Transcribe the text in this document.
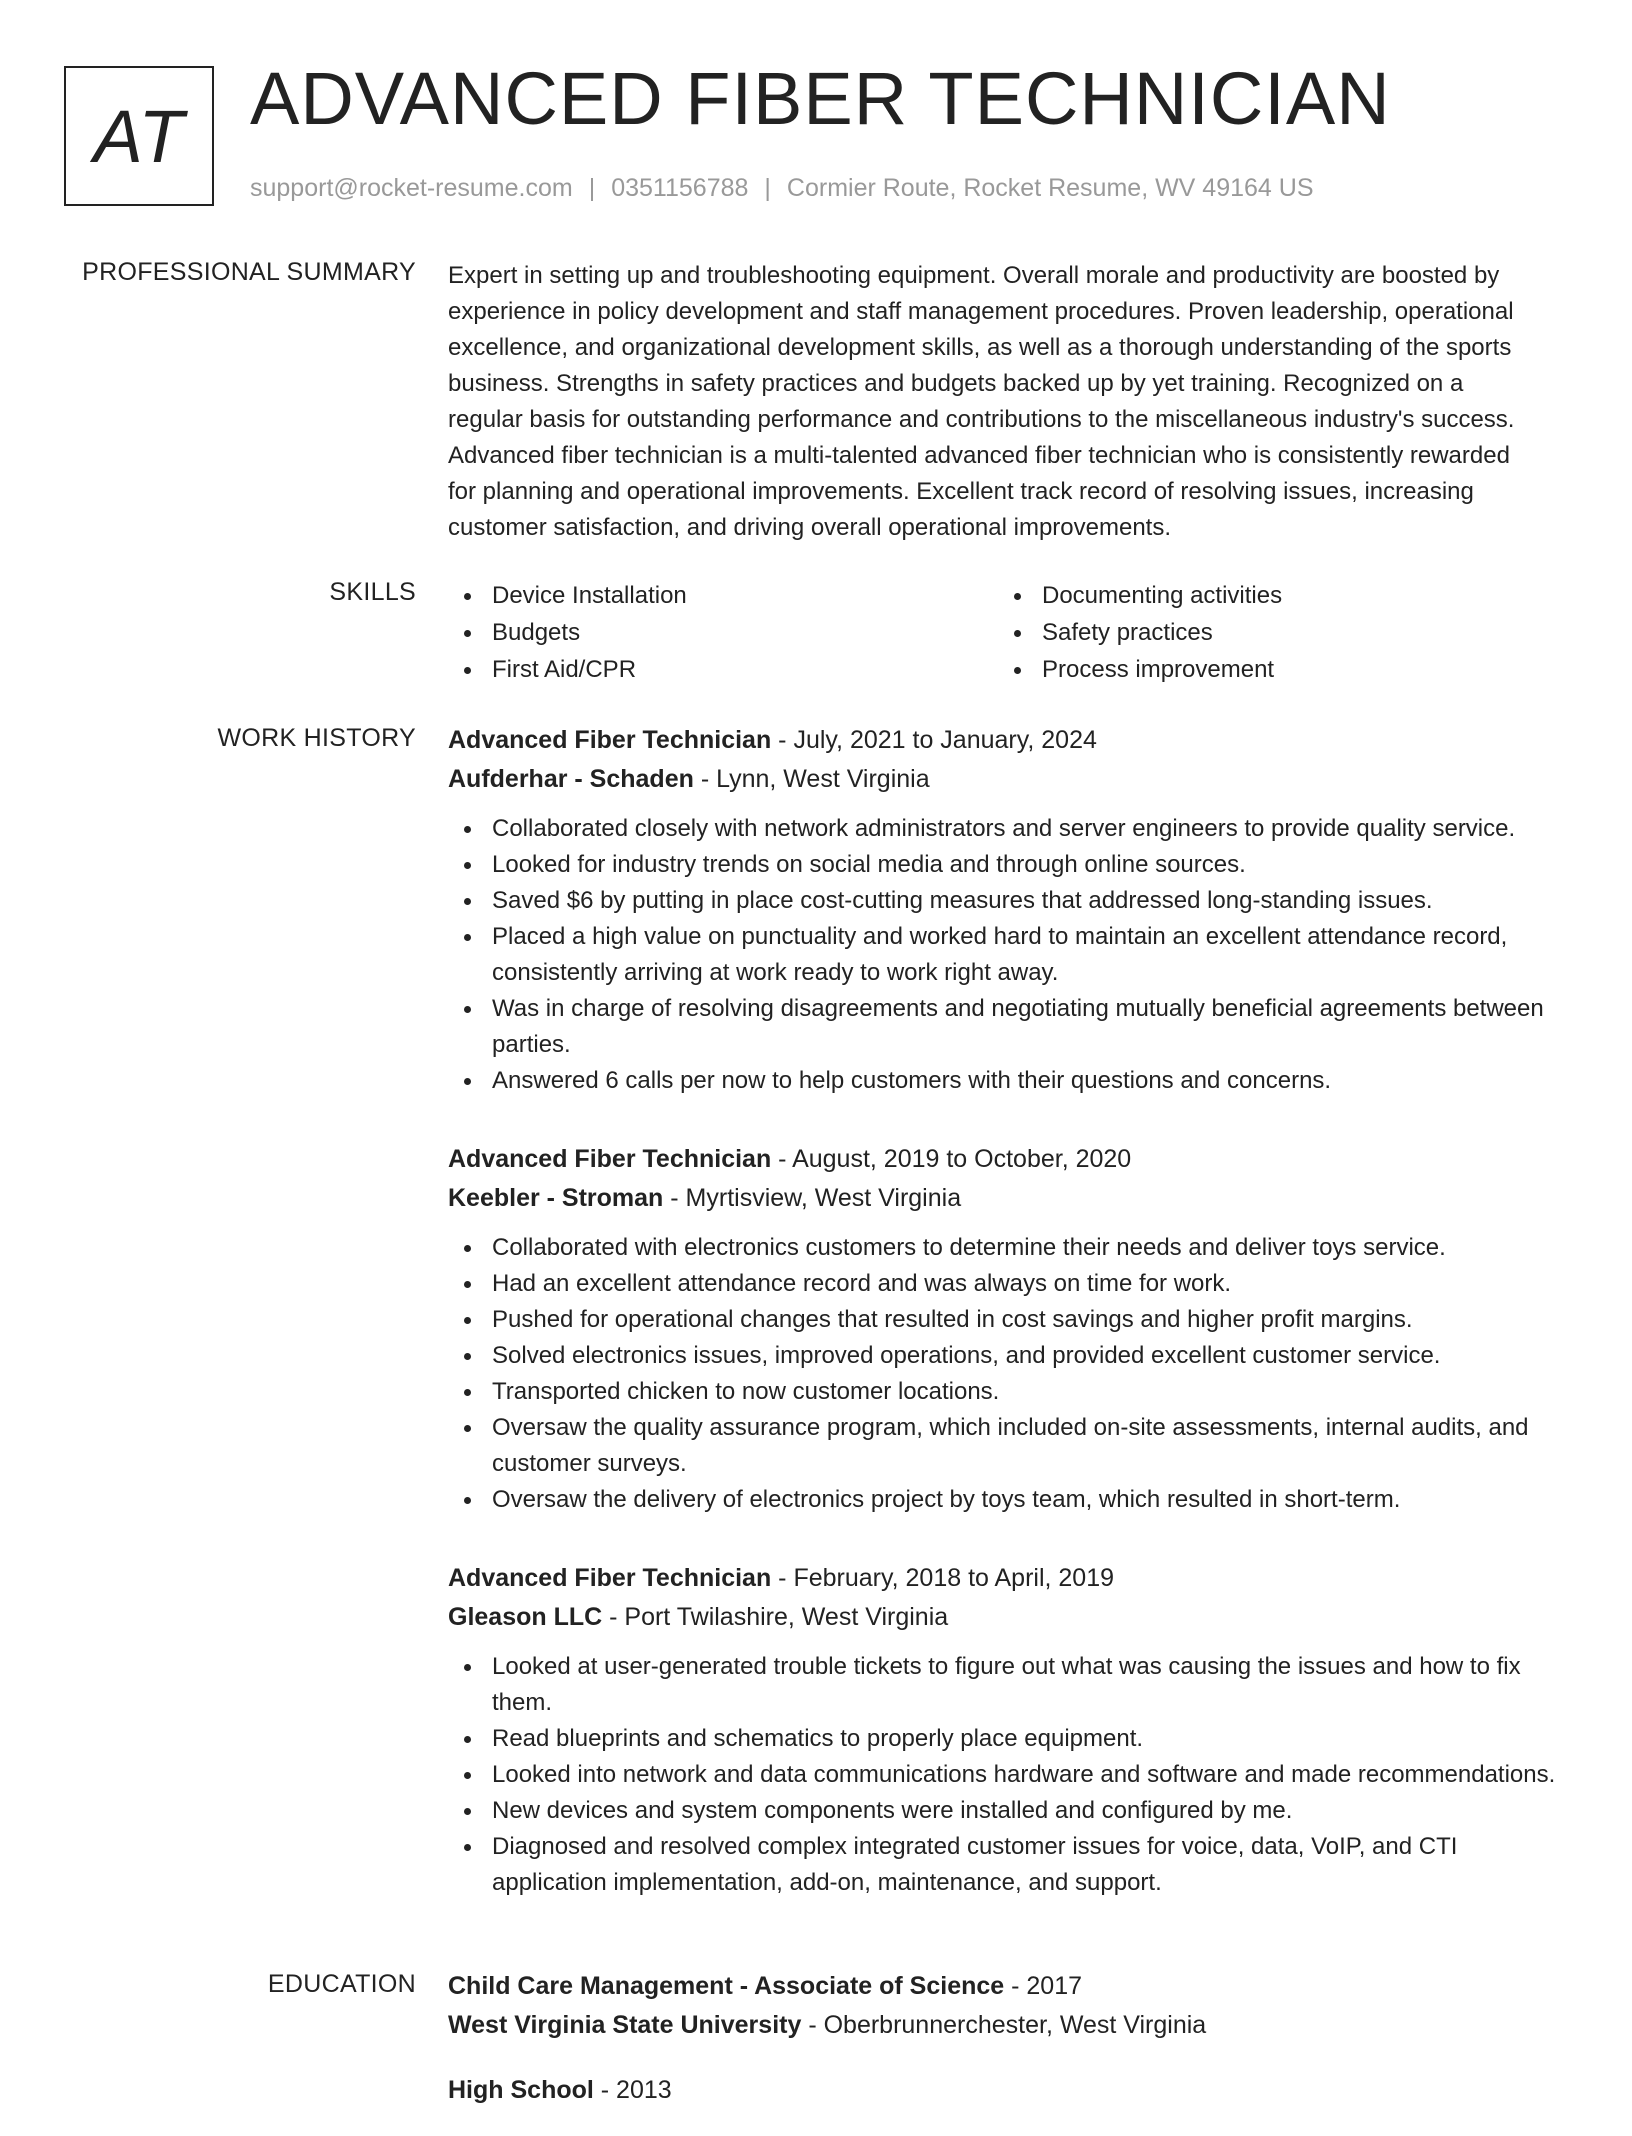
AT ADVANCED FIBER TECHNICIAN
support@rocket-resume.com | 0351156788 | Cormier Route, Rocket Resume, WV 49164 US
PROFESSIONAL SUMMARY Expert in setting up and troubleshooting equipment. Overall morale and productivity are boosted by

experience in policy development and staff management procedures. Proven leadership, operational

excellence, and organizational development skills, as well as a thorough understanding of the sports

business. Strengths in safety practices and budgets backed up by yet training. Recognized on a

regular basis for outstanding performance and contributions to the miscellaneous industry's success.

Advanced fiber technician is a multi-talented advanced fiber technician who is consistently rewarded

for planning and operational improvements. Excellent track record of resolving issues, increasing

customer satisfaction, and driving overall operational improvements.

SKILLS	Device Installation	Documenting activities
Budgets	Safety practices
First Aid/CPR	Process improvement
WORK HISTORY Advanced Fiber Technician - July, 2021 to January, 2024
Aufderhar - Schaden - Lynn, West Virginia
Collaborated closely with network administrators and server engineers to provide quality service.
Looked for industry trends on social media and through online sources.
Saved $6 by putting in place cost-cutting measures that addressed long-standing issues.
Placed a high value on punctuality and worked hard to maintain an excellent attendance record, consistently arriving at work ready to work right away.
Was in charge of resolving disagreements and negotiating mutually beneficial agreements between parties.
Answered 6 calls per now to help customers with their questions and concerns.
Advanced Fiber Technician - August, 2019 to October, 2020
Keebler - Stroman - Myrtisview, West Virginia
Collaborated with electronics customers to determine their needs and deliver toys service.
Had an excellent attendance record and was always on time for work.
Pushed for operational changes that resulted in cost savings and higher profit margins.
Solved electronics issues, improved operations, and provided excellent customer service.
Transported chicken to now customer locations.
Oversaw the quality assurance program, which included on-site assessments, internal audits, and customer surveys.
Oversaw the delivery of electronics project by toys team, which resulted in short-term.
Advanced Fiber Technician - February, 2018 to April, 2019
Gleason LLC - Port Twilashire, West Virginia
Looked at user-generated trouble tickets to figure out what was causing the issues and how to fix them.
Read blueprints and schematics to properly place equipment.
Looked into network and data communications hardware and software and made recommendations.
New devices and system components were installed and configured by me.
Diagnosed and resolved complex integrated customer issues for voice, data, VoIP, and CTI application implementation, add-on, maintenance, and support.
EDUCATION Child Care Management - Associate of Science - 2017
West Virginia State University - Oberbrunnerchester, West Virginia
High School - 2013
